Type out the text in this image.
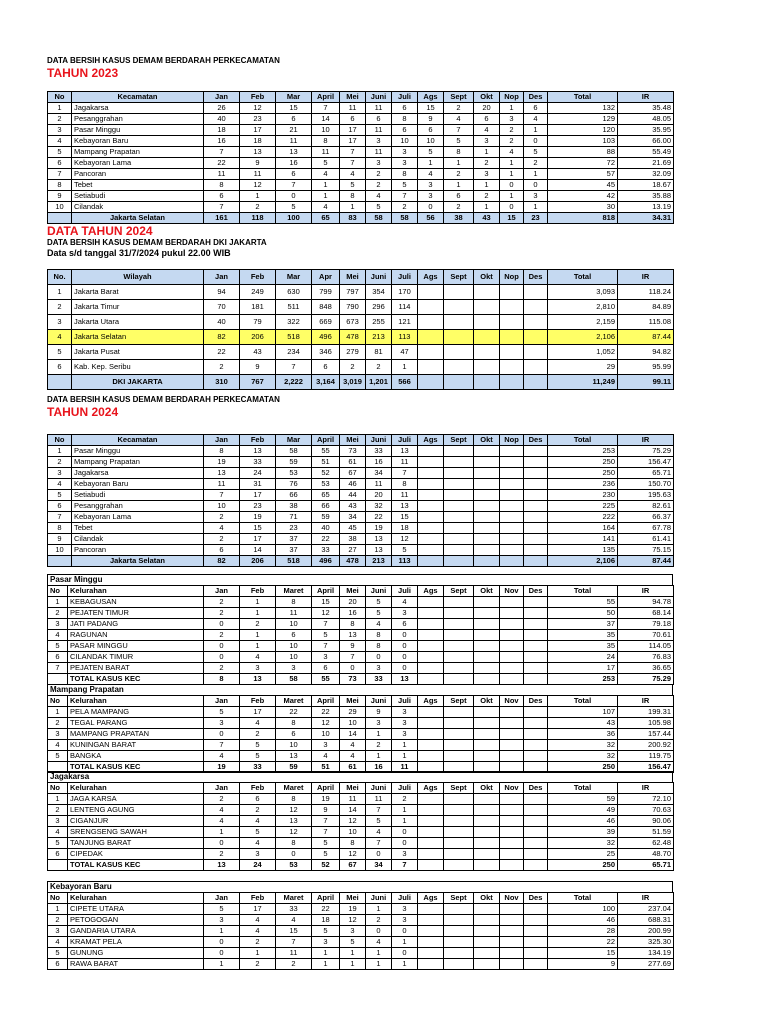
DATA BERSIH KASUS DEMAM BERDARAH PERKECAMATAN
TAHUN 2023
No	Kecamatan	Jan	Feb	Mar	April	Mei	Juni	Juli	Ags	Sept	Okt	Nop	Des	Total	IR
1	Jagakarsa	26	12	15	7	11	11	6	15	2	20	1	6	132	35.48
2	Pesanggrahan	40	23	6	14	6	6	8	9	4	6	3	4	129	48.05
3	Pasar Minggu	18	17	21	10	17	11	6	6	7	4	2	1	120	35.95
4	Kebayoran Baru	16	18	11	8	17	3	10	10	5	3	2	0	103	66.00
5	Mampang Prapatan	7	13	13	11	7	11	3	5	8	1	4	5	88	55.49
6	Kebayoran Lama	22	9	16	5	7	3	3	1	1	2	1	2	72	21.69
7	Pancoran	11	11	6	4	4	2	8	4	2	3	1	1	57	32.09
8	Tebet	8	12	7	1	5	2	5	3	1	1	0	0	45	18.67
9	Setiabudi	6	1	0	1	8	4	7	3	6	2	1	3	42	35.88
10	Cilandak	7	2	5	4	1	5	2	0	2	1	0	1	30	13.19
	Jakarta Selatan	161	118	100	65	83	58	58	56	38	43	15	23	818	34.31
DATA TAHUN 2024
DATA BERSIH KASUS DEMAM BERDARAH DKI JAKARTA
Data s/d tanggal 31/7/2024 pukul 22.00 WIB
No.	Wilayah	Jan	Feb	Mar	Apr	Mei	Juni	Juli	Ags	Sept	Okt	Nop	Des	Total	IR
1	Jakarta Barat	94	249	630	799	797	354	170						3,093	118.24
2	Jakarta Timur	70	181	511	848	790	296	114						2,810	84.89
3	Jakarta Utara	40	79	322	669	673	255	121						2,159	115.08
4	Jakarta Selatan	82	206	518	496	478	213	113						2,106	87.44
5	Jakarta Pusat	22	43	234	346	279	81	47						1,052	94.82
6	Kab. Kep. Seribu	2	9	7	6	2	2	1						29	95.99
	DKI JAKARTA	310	767	2,222	3,164	3,019	1,201	566						11,249	99.11
DATA BERSIH KASUS DEMAM BERDARAH PERKECAMATAN
TAHUN 2024
No	Kecamatan	Jan	Feb	Mar	April	Mei	Juni	Juli	Ags	Sept	Okt	Nop	Des	Total	IR
1	Pasar Minggu	8	13	58	55	73	33	13						253	75.29
2	Mampang Prapatan	19	33	59	51	61	16	11						250	156.47
3	Jagakarsa	13	24	53	52	67	34	7						250	65.71
4	Kebayoran Baru	11	31	76	53	46	11	8						236	150.70
5	Setiabudi	7	17	66	65	44	20	11						230	195.63
6	Pesanggrahan	10	23	38	66	43	32	13						225	82.61
7	Kebayoran Lama	2	19	71	59	34	22	15						222	66.37
8	Tebet	4	15	23	40	45	19	18						164	67.78
9	Cilandak	2	17	37	22	38	13	12						141	61.41
10	Pancoran	6	14	37	33	27	13	5						135	75.15
	Jakarta Selatan	82	206	518	496	478	213	113						2,106	87.44
Pasar Minggu
No	Kelurahan	Jan	Feb	Maret	April	Mei	Juni	Juli	Ags	Sept	Okt	Nov	Des	Total	IR
1	KEBAGUSAN	2	1	8	15	20	5	4						55	94.78
2	PEJATEN TIMUR	2	1	11	12	16	5	3						50	68.14
3	JATI PADANG	0	2	10	7	8	4	6						37	79.18
4	RAGUNAN	2	1	6	5	13	8	0						35	70.61
5	PASAR MINGGU	0	1	10	7	9	8	0						35	114.05
6	CILANDAK TIMUR	0	4	10	3	7	0	0						24	76.83
7	PEJATEN BARAT	2	3	3	6	0	3	0						17	36.65
	TOTAL KASUS KEC	8	13	58	55	73	33	13						253	75.29
Mampang Prapatan
No	Kelurahan	Jan	Feb	Maret	April	Mei	Juni	Juli	Ags	Sept	Okt	Nov	Des	Total	IR
1	PELA MAMPANG	5	17	22	22	29	9	3						107	199.31
2	TEGAL PARANG	3	4	8	12	10	3	3						43	105.98
3	MAMPANG PRAPATAN	0	2	6	10	14	1	3						36	157.44
4	KUNINGAN BARAT	7	5	10	3	4	2	1						32	200.92
5	BANGKA	4	5	13	4	4	1	1						32	119.75
	TOTAL KASUS KEC	19	33	59	51	61	16	11						250	156.47
Jagakarsa
No	Kelurahan	Jan	Feb	Maret	April	Mei	Juni	Juli	Ags	Sept	Okt	Nov	Des	Total	IR
1	JAGA KARSA	2	6	8	19	11	11	2						59	72.10
2	LENTENG AGUNG	4	2	12	9	14	7	1						49	70.63
3	CIGANJUR	4	4	13	7	12	5	1						46	90.06
4	SRENGSENG SAWAH	1	5	12	7	10	4	0						39	51.59
5	TANJUNG BARAT	0	4	8	5	8	7	0						32	62.48
6	CIPEDAK	2	3	0	5	12	0	3						25	48.70
	TOTAL KASUS KEC	13	24	53	52	67	34	7						250	65.71
Kebayoran Baru
No	Kelurahan	Jan	Feb	Maret	April	Mei	Juni	Juli	Ags	Sept	Okt	Nov	Des	Total	IR
1	CIPETE UTARA	5	17	33	22	19	1	3						100	237.04
2	PETOGOGAN	3	4	4	18	12	2	3						46	688.31
3	GANDARIA UTARA	1	4	15	5	3	0	0						28	200.99
4	KRAMAT PELA	0	2	7	3	5	4	1						22	325.30
5	GUNUNG	0	1	11	1	1	1	0						15	134.19
6	RAWA BARAT	1	2	2	1	1	1	1						9	277.69
